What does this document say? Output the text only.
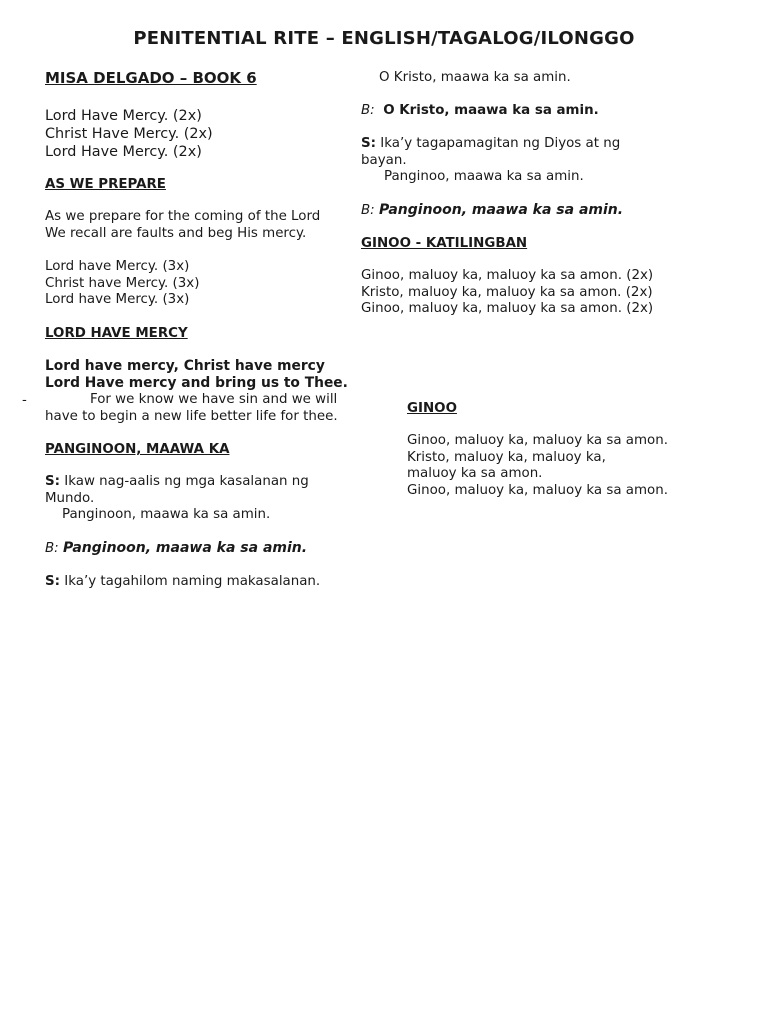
PENITENTIAL RITE – ENGLISH/TAGALOG/ILONGGO
MISA DELGADO – BOOK 6
Lord Have Mercy. (2x)
Christ Have Mercy. (2x)
Lord Have Mercy. (2x)
AS WE PREPARE
As we prepare for the coming of the Lord
We recall are faults and beg His mercy.
Lord have Mercy. (3x)
Christ have Mercy. (3x)
Lord have Mercy. (3x)
LORD HAVE MERCY
Lord have mercy, Christ have mercy
Lord Have mercy and bring us to Thee.
-	For we know we have sin and we will
have to begin a new life better life for thee.
PANGINOON, MAAWA KA
S: Ikaw nag-aalis ng mga kasalanan ng
Mundo.
Panginoon, maawa ka sa amin.
B: Panginoon, maawa ka sa amin.
S: Ika’y tagahilom naming makasalanan.
O Kristo, maawa ka sa amin.
B: O Kristo, maawa ka sa amin.
S: Ika’y tagapamagitan ng Diyos at ng
bayan.
Panginoo, maawa ka sa amin.
B: Panginoon, maawa ka sa amin.
GINOO - KATILINGBAN
Ginoo, maluoy ka, maluoy ka sa amon. (2x)
Kristo, maluoy ka, maluoy ka sa amon. (2x)
Ginoo, maluoy ka, maluoy ka sa amon. (2x)
GINOO
Ginoo, maluoy ka, maluoy ka sa amon.
Kristo, maluoy ka, maluoy ka,
maluoy ka sa amon.
Ginoo, maluoy ka, maluoy ka sa amon.
